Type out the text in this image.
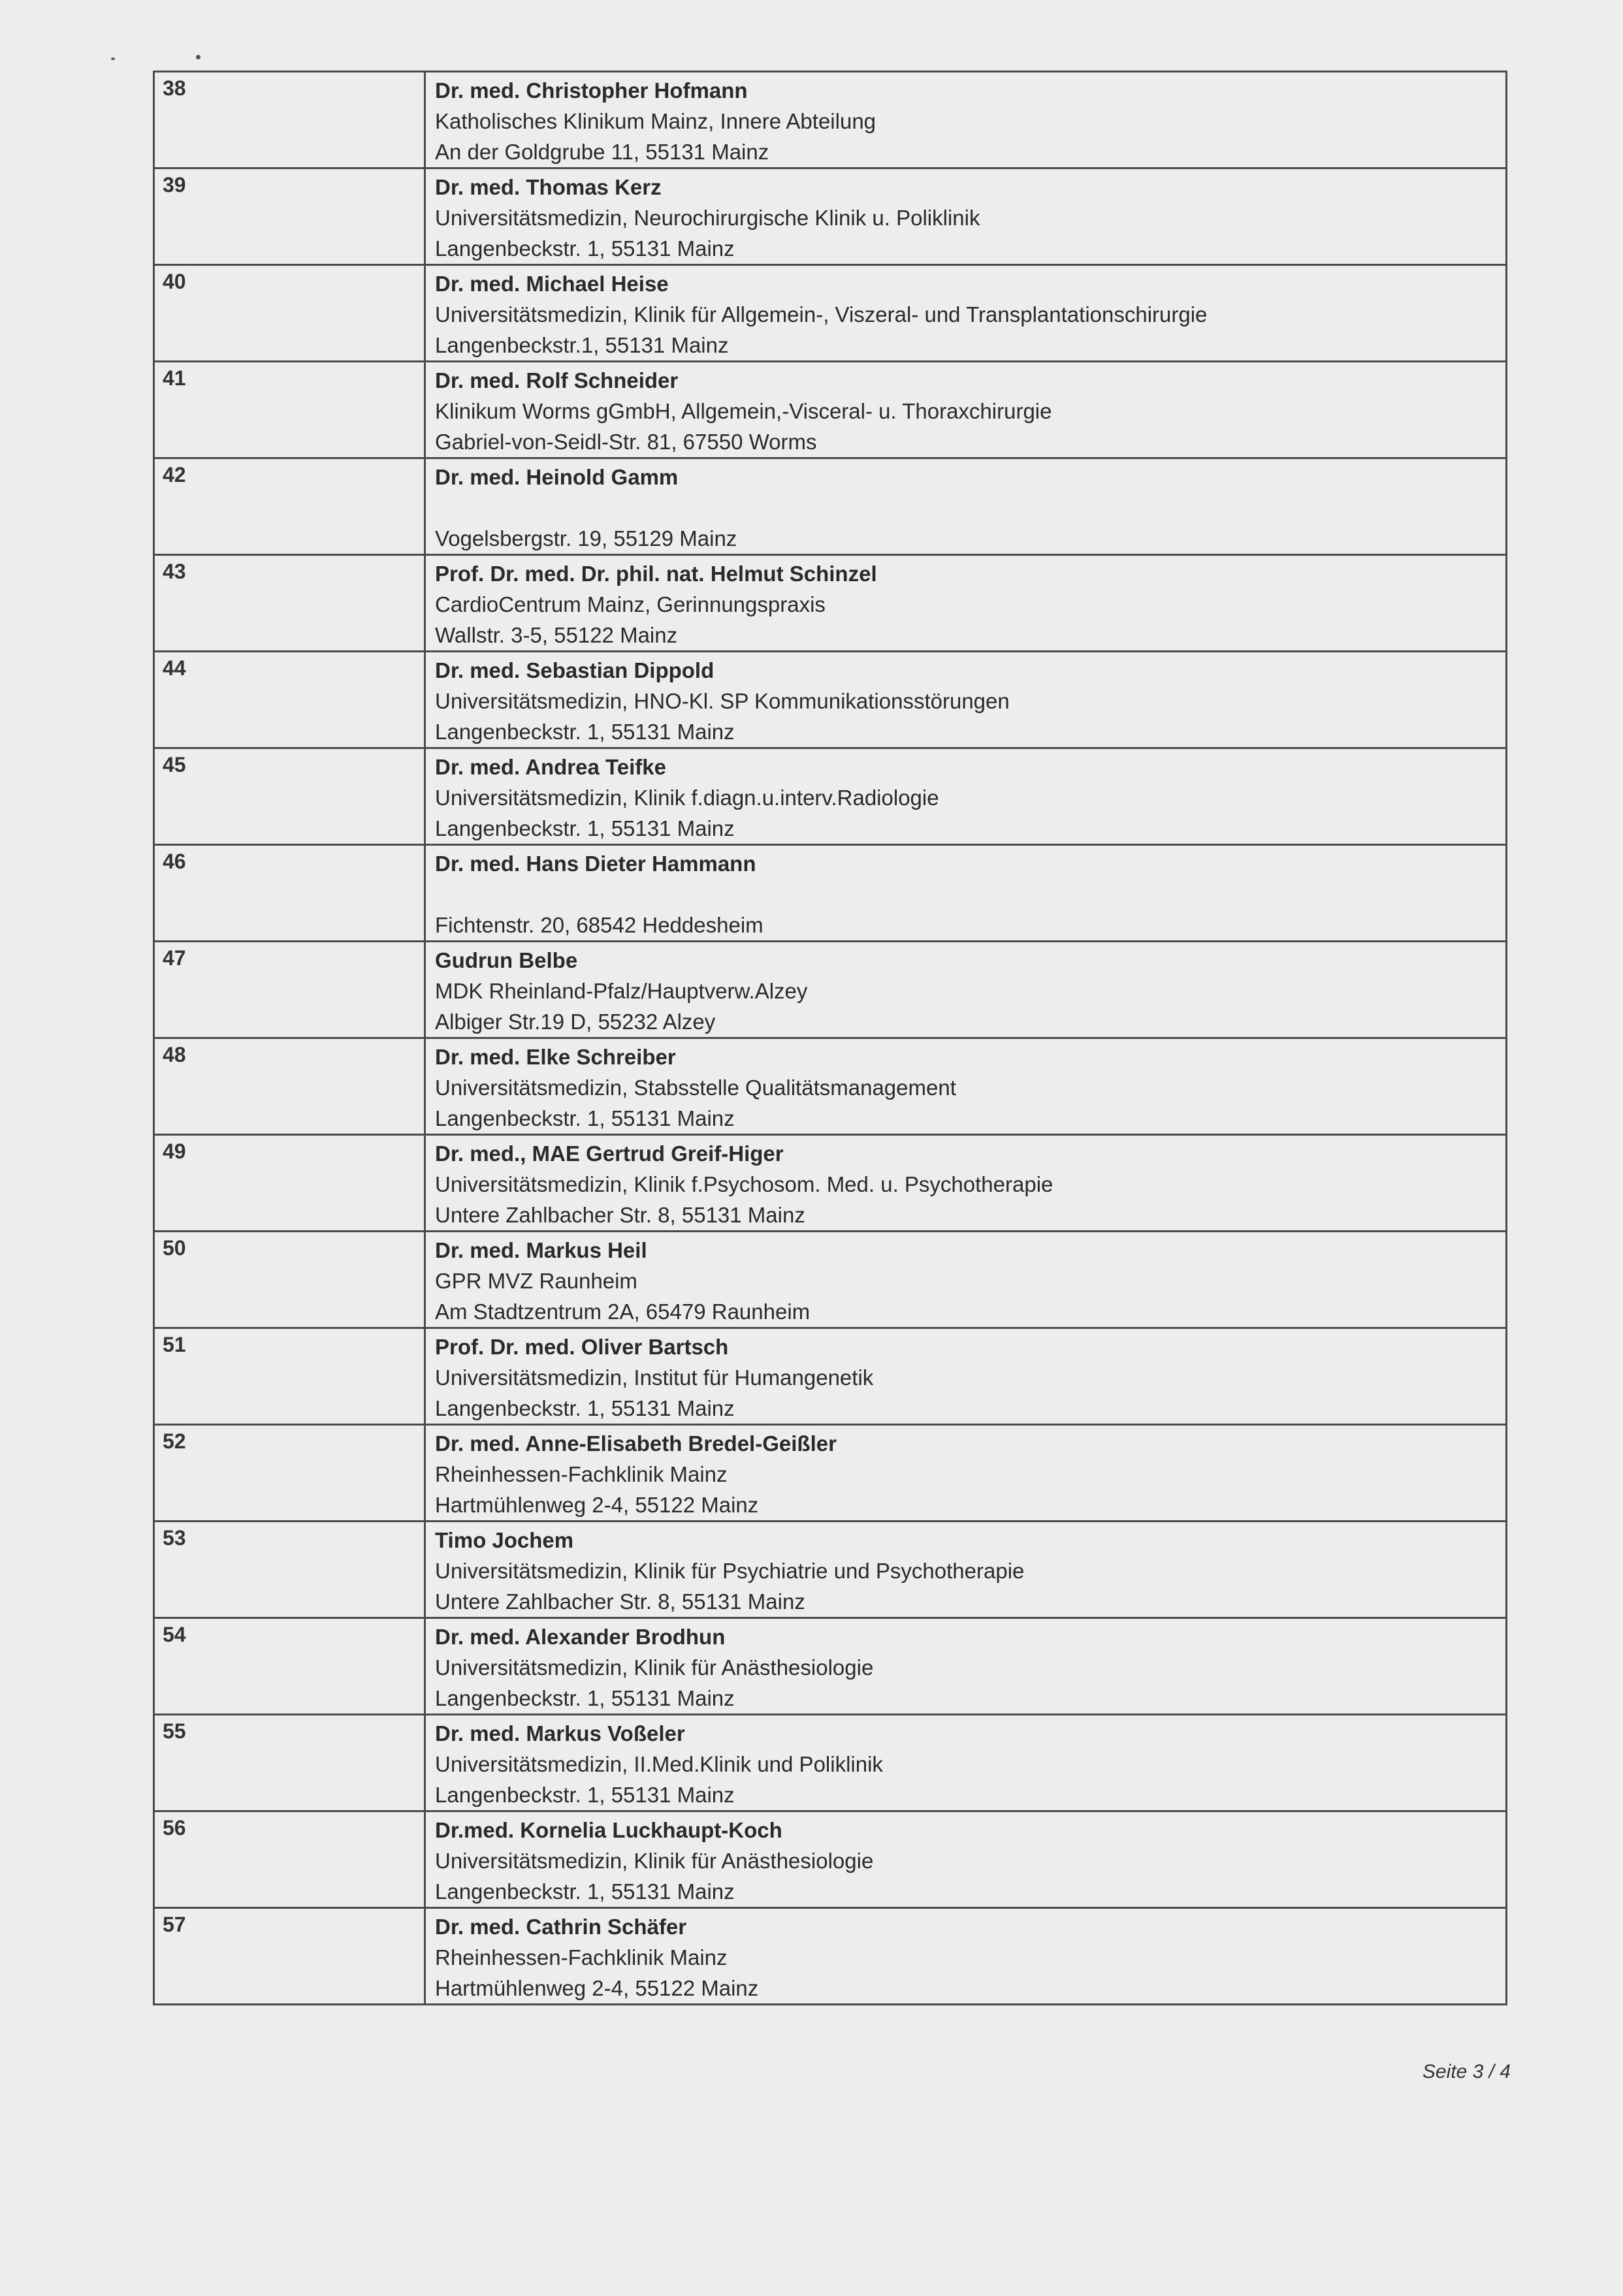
38	Dr. med. Christopher Hofmann
Katholisches Klinikum Mainz, Innere Abteilung
An der Goldgrube 11, 55131 Mainz

39	Dr. med. Thomas Kerz
Universitätsmedizin, Neurochirurgische Klinik u. Poliklinik
Langenbeckstr. 1, 55131 Mainz

40	Dr. med. Michael Heise
Universitätsmedizin, Klinik für Allgemein-, Viszeral- und Transplantationschirurgie
Langenbeckstr.1, 55131 Mainz

41	Dr. med. Rolf Schneider
Klinikum Worms gGmbH, Allgemein,-Visceral- u. Thoraxchirurgie
Gabriel-von-Seidl-Str. 81, 67550 Worms

42	Dr. med. Heinold Gamm
Vogelsbergstr. 19, 55129 Mainz

43	Prof. Dr. med. Dr. phil. nat. Helmut Schinzel
CardioCentrum Mainz, Gerinnungspraxis
Wallstr. 3-5, 55122 Mainz

44	Dr. med. Sebastian Dippold
Universitätsmedizin, HNO-Kl. SP Kommunikationsstörungen
Langenbeckstr. 1, 55131 Mainz

45	Dr. med. Andrea Teifke
Universitätsmedizin, Klinik f.diagn.u.interv.Radiologie
Langenbeckstr. 1, 55131 Mainz

46	Dr. med. Hans Dieter Hammann
Fichtenstr. 20, 68542 Heddesheim

47	Gudrun Belbe
MDK Rheinland-Pfalz/Hauptverw.Alzey
Albiger Str.19 D, 55232 Alzey

48	Dr. med. Elke Schreiber
Universitätsmedizin, Stabsstelle Qualitätsmanagement
Langenbeckstr. 1, 55131 Mainz

49	Dr. med., MAE Gertrud Greif-Higer
Universitätsmedizin, Klinik f.Psychosom. Med. u. Psychotherapie
Untere Zahlbacher Str. 8, 55131 Mainz

50	Dr. med. Markus Heil
GPR MVZ Raunheim
Am Stadtzentrum 2A, 65479 Raunheim

51	Prof. Dr. med. Oliver Bartsch
Universitätsmedizin, Institut für Humangenetik
Langenbeckstr. 1, 55131 Mainz

52	Dr. med. Anne-Elisabeth Bredel-Geißler
Rheinhessen-Fachklinik Mainz
Hartmühlenweg 2-4, 55122 Mainz

53	Timo Jochem
Universitätsmedizin, Klinik für Psychiatrie und Psychotherapie
Untere Zahlbacher Str. 8, 55131 Mainz

54	Dr. med. Alexander Brodhun
Universitätsmedizin, Klinik für Anästhesiologie
Langenbeckstr. 1, 55131 Mainz

55	Dr. med. Markus Voßeler
Universitätsmedizin, II.Med.Klinik und Poliklinik
Langenbeckstr. 1, 55131 Mainz

56	Dr.med. Kornelia Luckhaupt-Koch
Universitätsmedizin, Klinik für Anästhesiologie
Langenbeckstr. 1, 55131 Mainz

57	Dr. med. Cathrin Schäfer
Rheinhessen-Fachklinik Mainz
Hartmühlenweg 2-4, 55122 Mainz
Seite 3 / 4
